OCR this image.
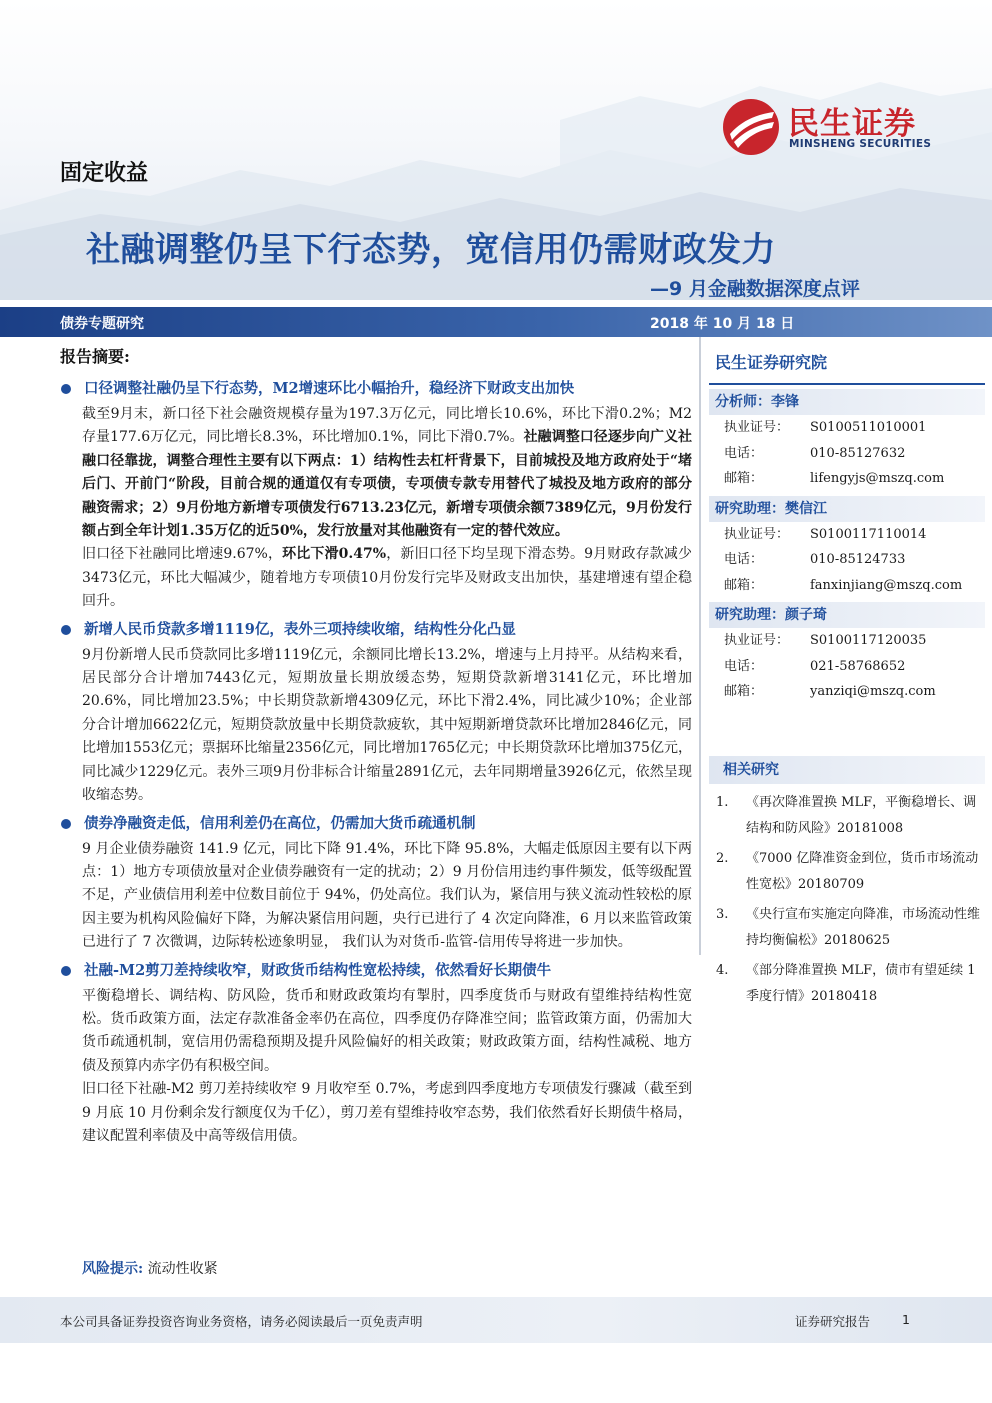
民生证券
MINSHENG SECURITIES
固定收益
社融调整仍呈下行态势，宽信用仍需财政发力
—9 月金融数据深度点评
债券专题研究	2018 年 10 月 18 日
报告摘要:
口径调整社融仍呈下行态势，M2增速环比小幅抬升，稳经济下财政支出加快
截至9月末，新口径下社会融资规模存量为197.3万亿元，同比增长10.6%，环比下滑0.2%；M2存量177.6万亿元，同比增长8.3%，环比增加0.1%，同比下滑0.7%。社融调整口径逐步向广义社融口径靠拢，调整合理性主要有以下两点：1）结构性去杠杆背景下，目前城投及地方政府处于“堵后门、开前门“阶段，目前合规的通道仅有专项债，专项债专款专用替代了城投及地方政府的部分融资需求；2）9月份地方新增专项债发行6713.23亿元，新增专项债余额7389亿元，9月份发行额占到全年计划1.35万亿的近50%，发行放量对其他融资有一定的替代效应。
旧口径下社融同比增速9.67%，环比下滑0.47%，新旧口径下均呈现下滑态势。9月财政存款减少3473亿元，环比大幅减少，随着地方专项债10月份发行完毕及财政支出加快，基建增速有望企稳回升。
新增人民币贷款多增1119亿，表外三项持续收缩，结构性分化凸显
9月份新增人民币贷款同比多增1119亿元，余额同比增长13.2%，增速与上月持平。从结构来看，居民部分合计增加7443亿元，短期放量长期放缓态势，短期贷款新增3141亿元，环比增加20.6%，同比增加23.5%；中长期贷款新增4309亿元，环比下滑2.4%，同比减少10%；企业部分合计增加6622亿元，短期贷款放量中长期贷款疲软，其中短期新增贷款环比增加2846亿元，同比增加1553亿元；票据环比缩量2356亿元，同比增加1765亿元；中长期贷款环比增加375亿元，同比减少1229亿元。表外三项9月份非标合计缩量2891亿元，去年同期增量3926亿元，依然呈现收缩态势。
债券净融资走低，信用利差仍在高位，仍需加大货币疏通机制
9 月企业债券融资 141.9 亿元，同比下降 91.4%，环比下降 95.8%，大幅走低原因主要有以下两点：1）地方专项债放量对企业债券融资有一定的扰动；2）9 月份信用违约事件频发，低等级配置不足，产业债信用利差中位数目前位于 94%，仍处高位。我们认为，紧信用与狭义流动性较松的原因主要为机构风险偏好下降，为解决紧信用问题，央行已进行了 4 次定向降准，6 月以来监管政策已进行了 7 次微调，边际转松迹象明显， 我们认为对货币-监管-信用传导将进一步加快。
社融-M2剪刀差持续收窄，财政货币结构性宽松持续，依然看好长期债牛
平衡稳增长、调结构、防风险，货币和财政政策均有掣肘，四季度货币与财政有望维持结构性宽松。货币政策方面，法定存款准备金率仍在高位，四季度仍存降准空间；监管政策方面，仍需加大货币疏通机制，宽信用仍需稳预期及提升风险偏好的相关政策；财政政策方面，结构性减税、地方债及预算内赤字仍有积极空间。
旧口径下社融-M2 剪刀差持续收窄 9 月收窄至 0.7%，考虑到四季度地方专项债发行骤减（截至到 9 月底 10 月份剩余发行额度仅为千亿），剪刀差有望维持收窄态势，我们依然看好长期债牛格局，建议配置利率债及中高等级信用债。
风险提示: 流动性收紧
民生证券研究院
分析师：李锋
执业证号：	S0100511010001
电话：	010-85127632
邮箱：	lifengyjs@mszq.com
研究助理：樊信江
执业证号：	S0100117110014
电话：	010-85124733
邮箱：	fanxinjiang@mszq.com
研究助理：颜子琦
执业证号：	S0100117120035
电话：	021-58768652
邮箱：	yanziqi@mszq.com
相关研究
1. 《再次降准置换 MLF，平衡稳增长、调结构和防风险》20181008
2. 《7000 亿降准资金到位，货币市场流动性宽松》20180709
3. 《央行宣布实施定向降准，市场流动性维持均衡偏松》20180625
4. 《部分降准置换 MLF，债市有望延续 1 季度行情》20180418
本公司具备证券投资咨询业务资格，请务必阅读最后一页免责声明	证券研究报告	1
